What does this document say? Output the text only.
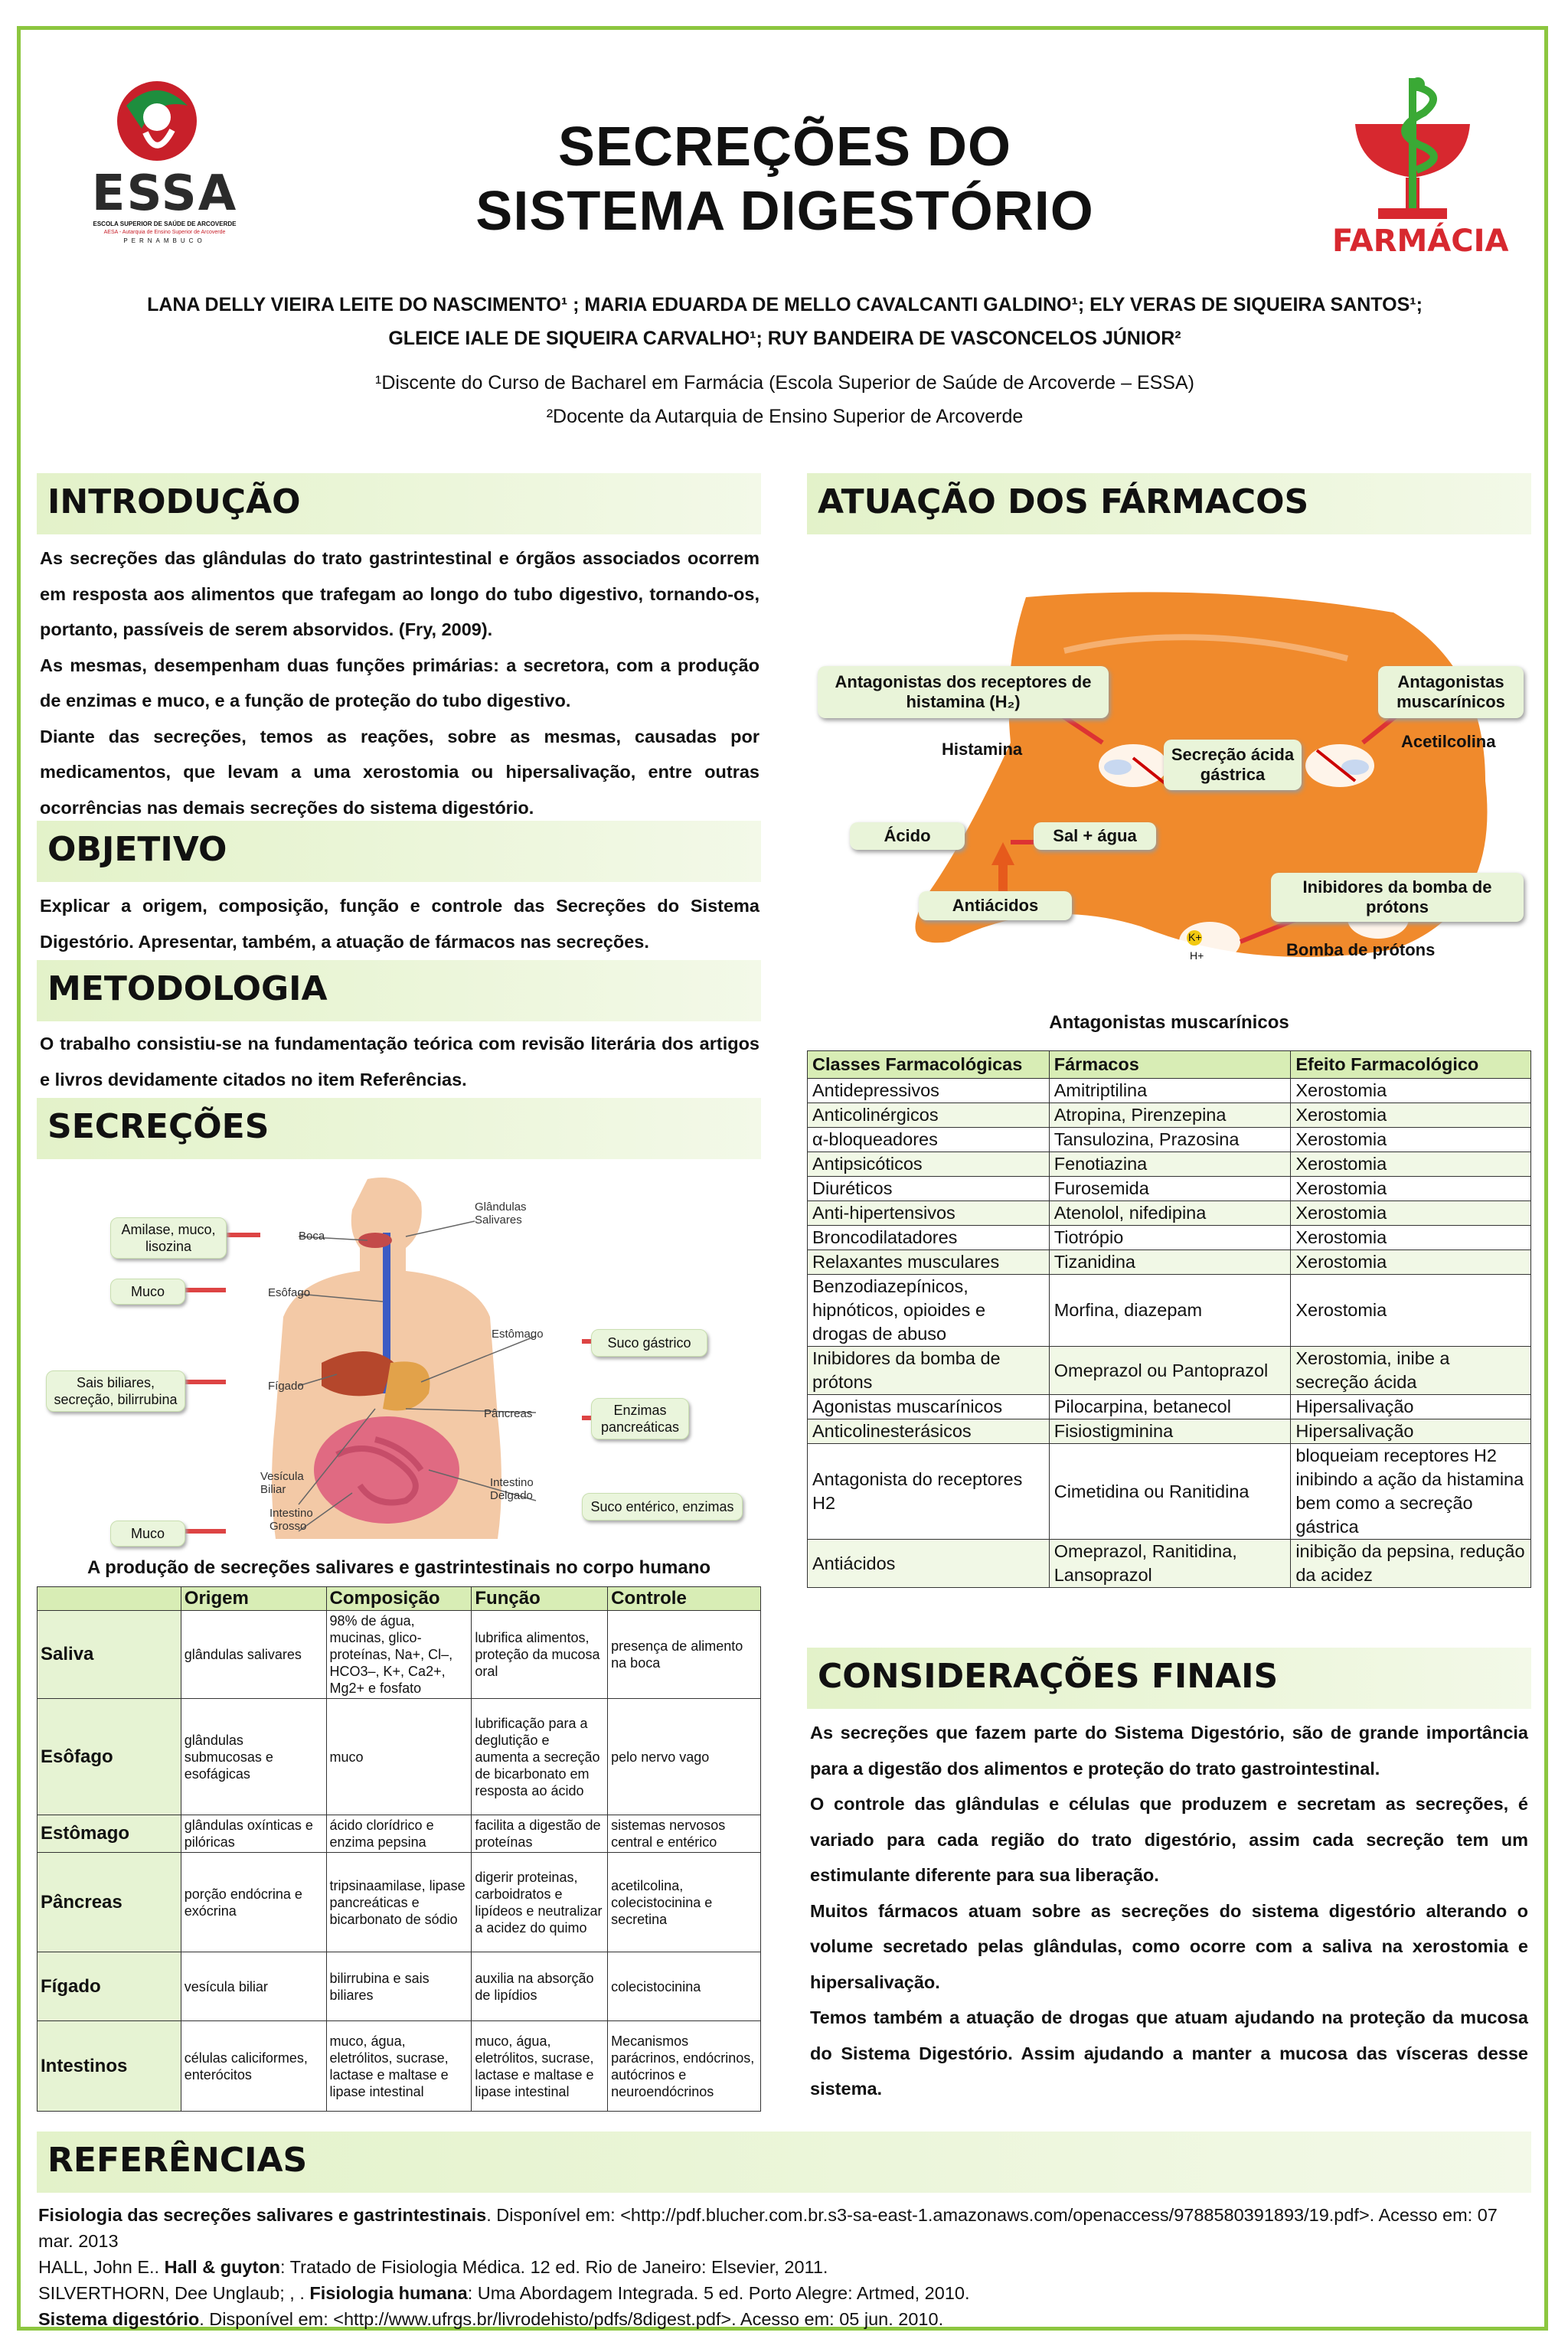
ESSA
ESCOLA SUPERIOR DE SAÚDE DE ARCOVERDE
AESA - Autarquia de Ensino Superior de Arcoverde
PERNAMBUCO
SECREÇÕES DO
SISTEMA DIGESTÓRIO	FARMÁCIA
LANA DELLY VIEIRA LEITE DO NASCIMENTO¹ ; MARIA EDUARDA DE MELLO CAVALCANTI GALDINO¹; ELY VERAS DE SIQUEIRA SANTOS¹;
GLEICE IALE DE SIQUEIRA CARVALHO¹; RUY BANDEIRA DE VASCONCELOS JÚNIOR²
¹Discente do Curso de Bacharel em Farmácia (Escola Superior de Saúde de Arcoverde – ESSA)
²Docente da Autarquia de Ensino Superior de Arcoverde
INTRODUÇÃO

As secreções das glândulas do trato gastrintestinal e órgãos associados ocorrem em resposta aos alimentos que trafegam ao longo do tubo digestivo, tornando-os, portanto, passíveis de serem absorvidos. (Fry, 2009).

As mesmas, desempenham duas funções primárias: a secretora, com a produção de enzimas e muco, e a função de proteção do tubo digestivo.

Diante das secreções, temos as reações, sobre as mesmas, causadas por medicamentos, que levam a uma xerostomia ou hipersalivação, entre outras ocorrências nas demais secreções do sistema digestório.

OBJETIVO
Explicar a origem, composição, função e controle das Secreções do Sistema Digestório. Apresentar, também, a atuação de fármacos nas secreções.
METODOLOGIA
O trabalho consistiu-se na fundamentação teórica com revisão literária dos artigos e livros devidamente citados no item Referências.
SECREÇÕES
Amilase, muco, lisozina
Muco
Sais biliares, secreção, bilirrubina
Muco
Suco gástrico
Enzimas pancreáticas
Suco entérico, enzimas
Boca
Esôfago
Fígado
Vesícula Biliar
Intestino Grosso
Glândulas Salivares
Estômago
Pâncreas
Intestino Delgado
A produção de secreções salivares e gastrintestinais no corpo humano
	Origem	Composição	Função	Controle
Saliva	glândulas salivares	98% de água, mucinas, glico-proteínas, Na+, Cl–, HCO3–, K+, Ca2+, Mg2+ e fosfato	lubrifica alimentos, proteção da mucosa oral	presença de alimento na boca
Esôfago	glândulas submucosas e esofágicas	muco	lubrificação para a deglutição e aumenta a secreção de bicarbonato em resposta ao ácido	pelo nervo vago
Estômago	glândulas oxínticas e pilóricas	ácido clorídrico e enzima pepsina	facilita a digestão de proteínas	sistemas nervosos central e entérico
Pâncreas	porção endócrina e exócrina	tripsinaamilase, lipase pancreáticas e bicarbonato de sódio	digerir proteinas, carboidratos e lipídeos e neutralizar a acidez do quimo	acetilcolina, colecistocinina e secretina
Fígado	vesícula biliar	bilirrubina e sais biliares	auxilia na absorção de lipídios	colecistocinina
Intestinos	células caliciformes, enterócitos	muco, água, eletrólitos, sucrase, lactase e maltase e lipase intestinal	muco, água, eletrólitos, sucrase, lactase e maltase e lipase intestinal	Mecanismos parácrinos, endócrinos, autócrinos e neuroendócrinos
ATUAÇÃO DOS FÁRMACOS
Antagonistas dos receptores de histamina (H₂)
Antagonistas muscarínicos
Secreção ácida gástrica
Ácido	Sal + água
Antiácidos
Inibidores da bomba de prótons
Histamina	Acetilcolina
Bomba de prótons
K+
H+
Antagonistas muscarínicos
Classes Farmacológicas	Fármacos	Efeito Farmacológico
Antidepressivos	Amitriptilina	Xerostomia
Anticolinérgicos	Atropina, Pirenzepina	Xerostomia
α-bloqueadores	Tansulozina, Prazosina	Xerostomia
Antipsicóticos	Fenotiazina	Xerostomia
Diuréticos	Furosemida	Xerostomia
Anti-hipertensivos	Atenolol, nifedipina	Xerostomia
Broncodilatadores	Tiotrópio	Xerostomia
Relaxantes musculares	Tizanidina	Xerostomia
Benzodiazepínicos, hipnóticos, opioides e drogas de abuso	Morfina, diazepam	Xerostomia
Inibidores da bomba de prótons	Omeprazol ou Pantoprazol	Xerostomia, inibe a secreção ácida
Agonistas muscarínicos	Pilocarpina, betanecol	Hipersalivação
Anticolinesterásicos	Fisiostigminina	Hipersalivação
Antagonista do receptores H2	Cimetidina ou Ranitidina	bloqueiam receptores H2 inibindo a ação da histamina bem como a secreção gástrica
Antiácidos	Omeprazol, Ranitidina, Lansoprazol	inibição da pepsina, redução da acidez
CONSIDERAÇÕES FINAIS

As secreções que fazem parte do Sistema Digestório, são de grande importância para a digestão dos alimentos e proteção do trato gastrointestinal.

O controle das glândulas e células que produzem e secretam as secreções, é variado para cada região do trato digestório, assim cada secreção tem um estimulante diferente para sua liberação.

Muitos fármacos atuam sobre as secreções do sistema digestório alterando o volume secretado pelas glândulas, como ocorre com a saliva na xerostomia e hipersalivação.

Temos também a atuação de drogas que atuam ajudando na proteção da mucosa do Sistema Digestório. Assim ajudando a manter a mucosa das vísceras desse sistema.

REFERÊNCIAS

Fisiologia das secreções salivares e gastrintestinais. Disponível em: <http://pdf.blucher.com.br.s3-sa-east-1.amazonaws.com/openaccess/9788580391893/19.pdf>. Acesso em: 07 mar. 2013

HALL, John E.. Hall & guyton: Tratado de Fisiologia Médica. 12 ed. Rio de Janeiro: Elsevier, 2011.

SILVERTHORN, Dee Unglaub; , . Fisiologia humana: Uma Abordagem Integrada. 5 ed. Porto Alegre: Artmed, 2010.

Sistema digestório. Disponível em: <http://www.ufrgs.br/livrodehisto/pdfs/8digest.pdf>. Acesso em: 05 jun. 2010.
